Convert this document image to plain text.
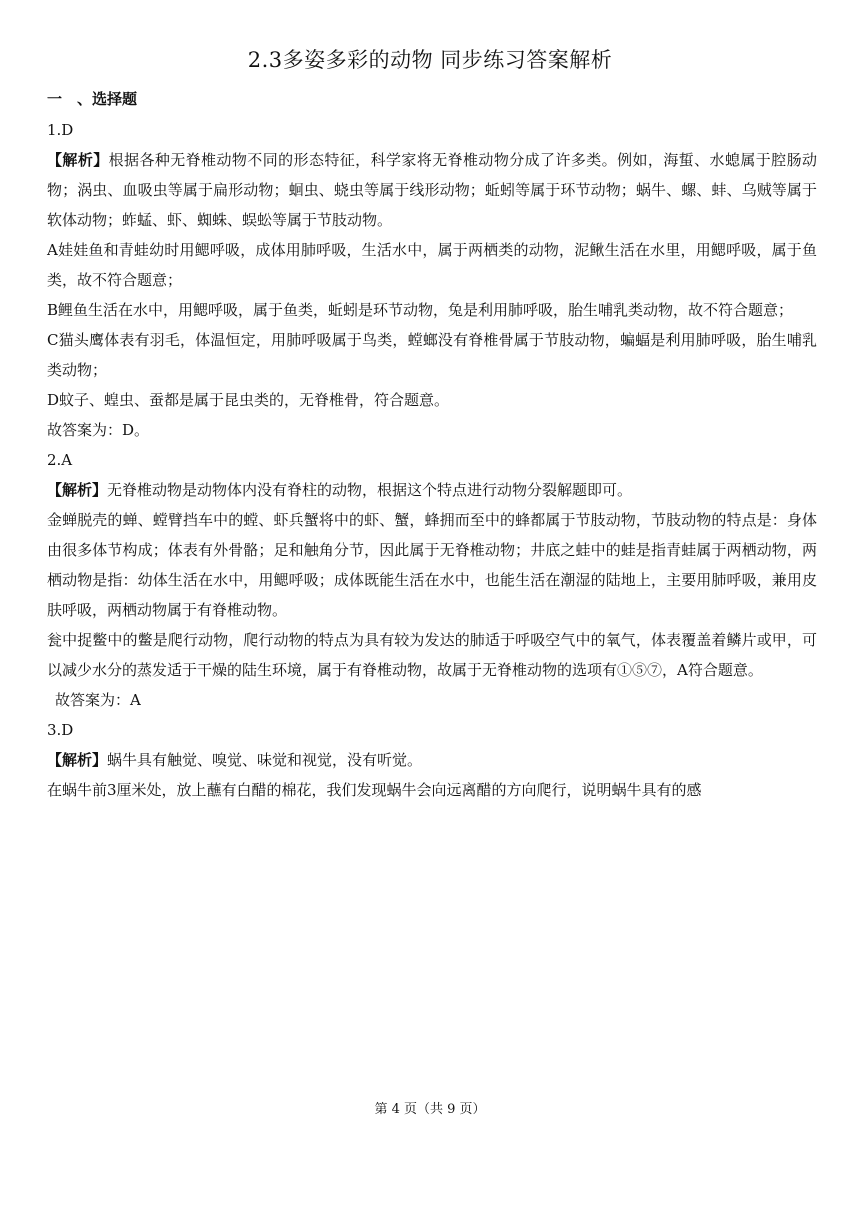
2.3多姿多彩的动物 同步练习答案解析
一　、选择题

1.D

【解析】根据各种无脊椎动物不同的形态特征，科学家将无脊椎动物分成了许多类。例如，海蜇、水螅属于腔肠动物；涡虫、血吸虫等属于扁形动物；蛔虫、蛲虫等属于线形动物；蚯蚓等属于环节动物；蜗牛、螺、蚌、乌贼等属于软体动物；蚱蜢、虾、蜘蛛、蜈蚣等属于节肢动物。

A娃娃鱼和青蛙幼时用鳃呼吸，成体用肺呼吸，生活水中，属于两栖类的动物，泥鳅生活在水里，用鳃呼吸，属于鱼类，故不符合题意；

B鲤鱼生活在水中，用鳃呼吸，属于鱼类，蚯蚓是环节动物，兔是利用肺呼吸，胎生哺乳类动物，故不符合题意；

C猫头鹰体表有羽毛，体温恒定，用肺呼吸属于鸟类，螳螂没有脊椎骨属于节肢动物，蝙蝠是利用肺呼吸，胎生哺乳类动物；

D蚊子、蝗虫、蚕都是属于昆虫类的，无脊椎骨，符合题意。

故答案为：D。

2.A

【解析】无脊椎动物是动物体内没有脊柱的动物，根据这个特点进行动物分裂解题即可。

金蝉脱壳的蝉、螳臂挡车中的螳、虾兵蟹将中的虾、蟹，蜂拥而至中的蜂都属于节肢动物，节肢动物的特点是：身体由很多体节构成；体表有外骨骼；足和触角分节，因此属于无脊椎动物；井底之蛙中的蛙是指青蛙属于两栖动物，两栖动物是指：幼体生活在水中，用鳃呼吸；成体既能生活在水中，也能生活在潮湿的陆地上，主要用肺呼吸，兼用皮肤呼吸，两栖动物属于有脊椎动物。

瓮中捉鳖中的鳖是爬行动物，爬行动物的特点为具有较为发达的肺适于呼吸空气中的氧气，体表覆盖着鳞片或甲，可以减少水分的蒸发适于干燥的陆生环境，属于有脊椎动物，故属于无脊椎动物的选项有①⑤⑦，A符合题意。

故答案为：A

3.D

【解析】蜗牛具有触觉、嗅觉、味觉和视觉，没有听觉。

在蜗牛前3厘米处，放上蘸有白醋的棉花，我们发现蜗牛会向远离醋的方向爬行，说明蜗牛具有的感

第 4 页（共 9 页）
